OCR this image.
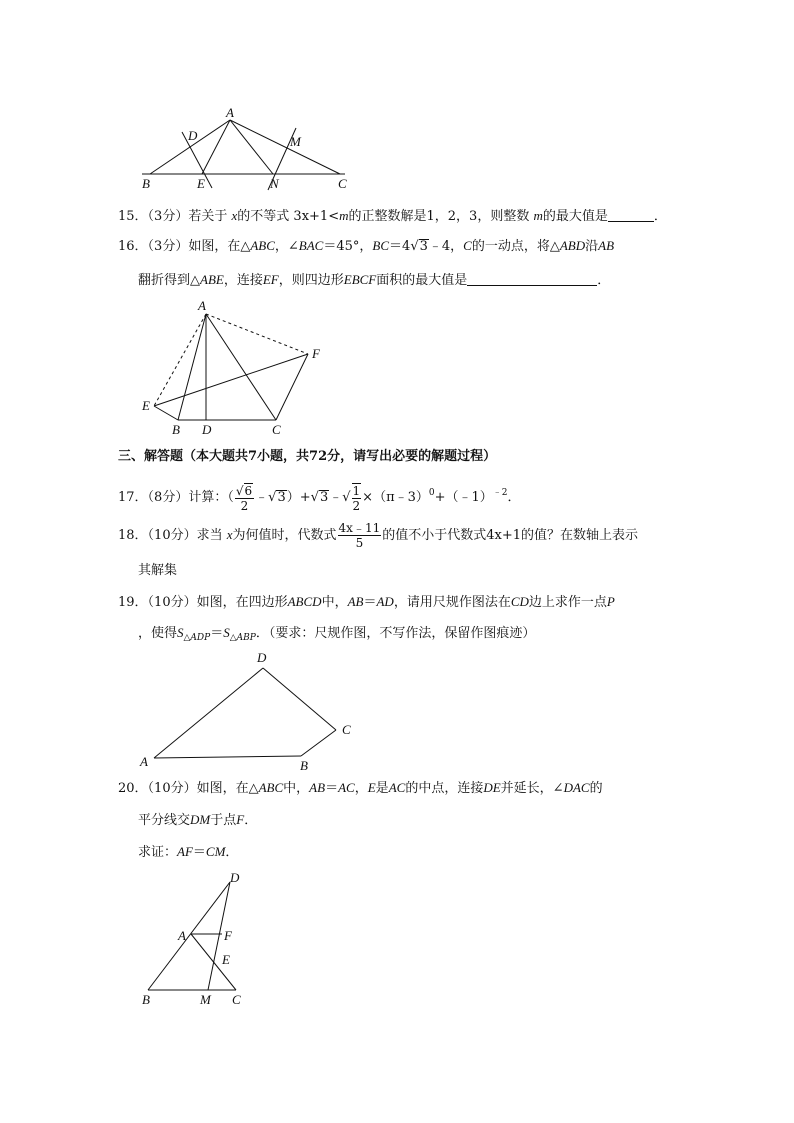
A
B	C
D
E
M
N
15．（3分）若关于 x的不等式 3x+1<m的正整数解是1，2，3，则整数 m的最大值是	．
16．（3分）如图，在△ABC，∠BAC＝45°，BC＝4√3﹣4，C的一动点，将△ABD沿AB
翻折得到△ABE，连接EF，则四边形EBCF面积的最大值是	．
A
B	C
D
E
F
三、解答题（本大题共7小题，共72分，请写出必要的解题过程）
17．（8分）计算：（ $\frac{√6}{2}$ ﹣√3）+√3﹣√ $\frac{1}{2}$ ×（π﹣3）$^0$+（﹣1）$^{﹣2}$．
18．（10分）求当 x为何值时，代数式 $\frac{4x﹣11}{5}$ 的值不小于代数式4x+1的值？在数轴上表示
其解集
19．（10分）如图，在四边形ABCD中，AB＝AD，请用尺规作图法在CD边上求作一点P
，使得$S_{\triangle ADP}=S_{\triangle ABP}$．（要求：尺规作图，不写作法，保留作图痕迹）
D
A	B
C
20．（10分）如图，在△ABC中，AB＝AC，E是AC的中点，连接DE并延长，∠DAC的
平分线交DM于点F．
求证：AF＝CM．
D
A	F
E
B	M C
